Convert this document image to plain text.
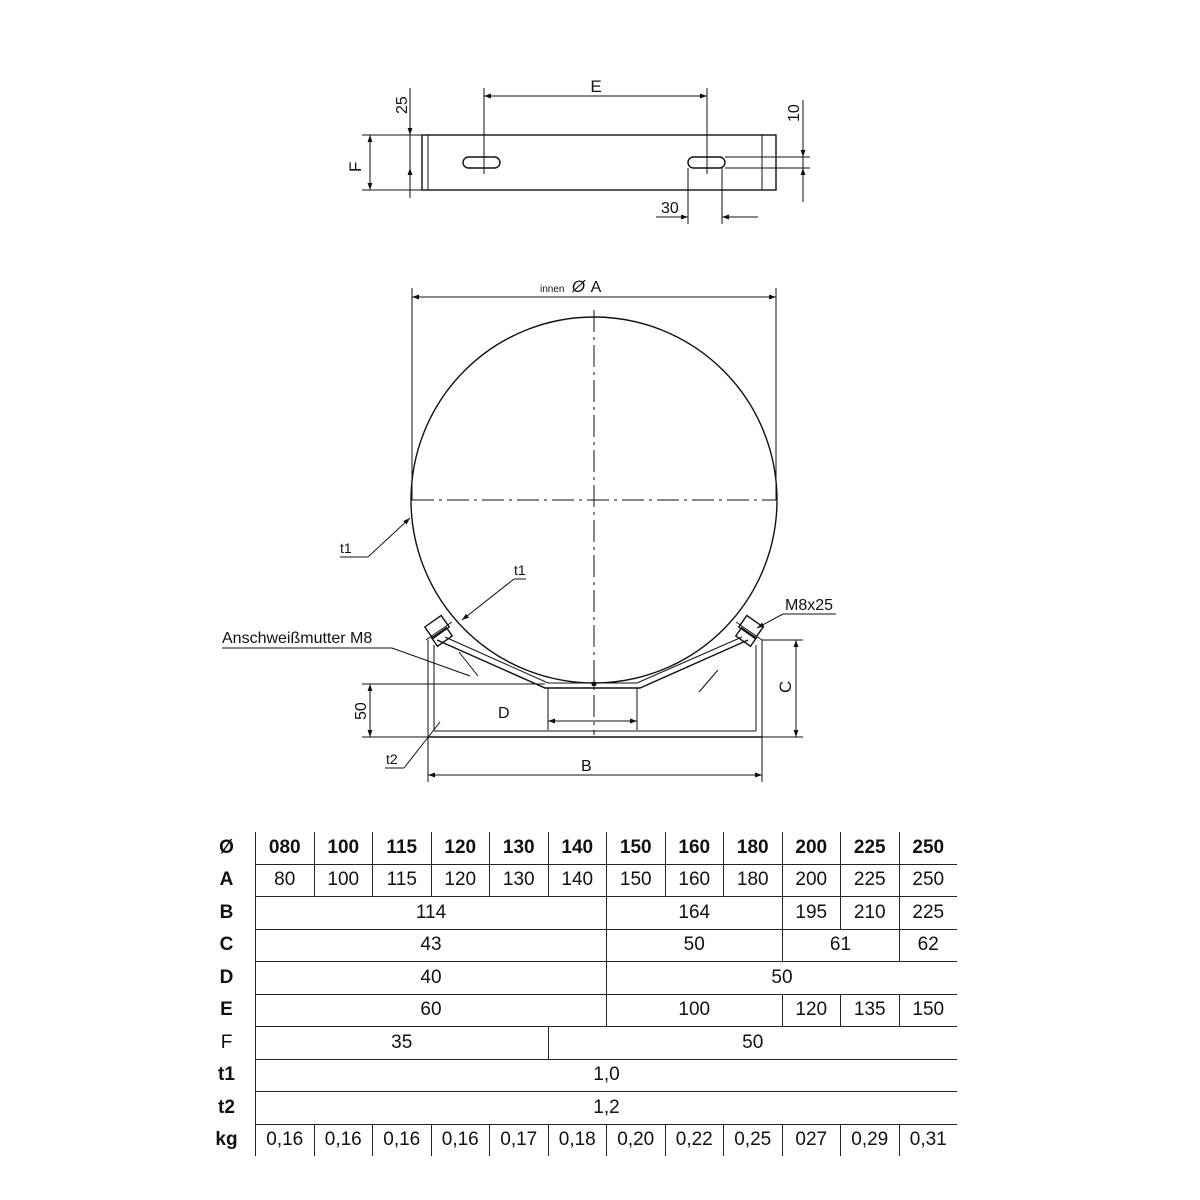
E
25
F
10
30
innen Ø A
t1
t1
Anschweißmutter M8
M8x25
C
50	D
t2	B
Ø	080	100	115	120	130	140	150	160	180	200	225	250
A	80	100	115	120	130	140	150	160	180	200	225	250
B	114						164			195	210	225
C	43						50			61		62
D	40						50					
E	60						100			120	135	150
F	35					50						
t1	1,0											
t2	1,2											
kg	0,16	0,16	0,16	0,16	0,17	0,18	0,20	0,22	0,25	027	0,29	0,31
